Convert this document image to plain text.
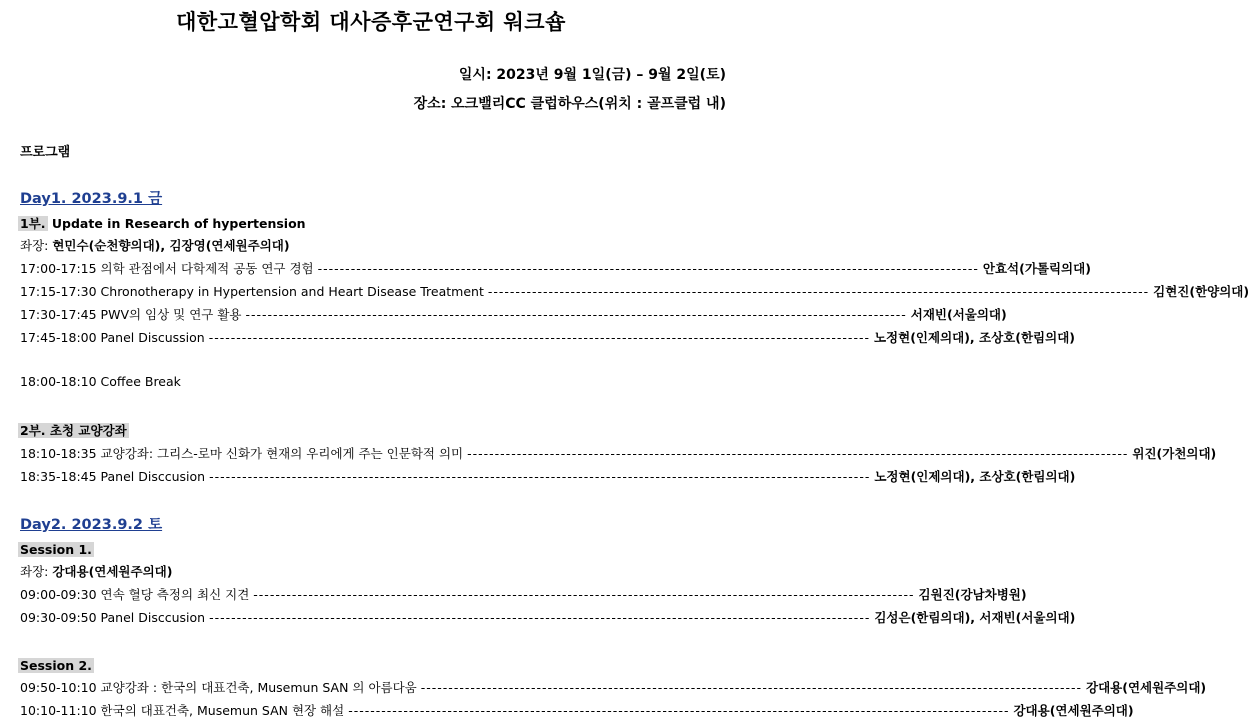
대한고혈압학회 대사증후군연구회 워크숍
일시: 2023년 9월 1일(금) – 9월 2일(토)
장소: 오크밸리CC 클럽하우스(위치 : 골프클럽 내)
프로그램
Day1. 2023.9.1 금
1부. Update in Research of hypertension
좌장: 현민수(순천향의대), 김장영(연세원주의대)
17:00-17:15
의학 관점에서 다학제적 공동 연구 경험 ------------------------------------------------------------------------------------------------------------------------ 안효석(가톨릭의대)
17:15-17:30
Chronotherapy in Hypertension and Heart Disease Treatment ------------------------------------------------------------------------------------------------------------------------ 김현진(한양의대)
17:30-17:45
PWV의 임상 및 연구 활용 ------------------------------------------------------------------------------------------------------------------------ 서재빈(서울의대)
17:45-18:00
Panel Discussion ------------------------------------------------------------------------------------------------------------------------ 노정현(인제의대), 조상호(한림의대)
18:00-18:10 Coffee Break
2부. 초청 교양강좌
18:10-18:35
교양강좌: 그리스-로마 신화가 현재의 우리에게 주는 인문학적 의미 ------------------------------------------------------------------------------------------------------------------------ 위진(가천의대)
18:35-18:45
Panel Disccusion ------------------------------------------------------------------------------------------------------------------------ 노정현(인제의대), 조상호(한림의대)
Day2. 2023.9.2 토
Session 1.
좌장: 강대용(연세원주의대)
09:00-09:30
연속 혈당 측정의 최신 지견 ------------------------------------------------------------------------------------------------------------------------ 김원진(강남차병원)
09:30-09:50
Panel Disccusion ------------------------------------------------------------------------------------------------------------------------ 김성은(한림의대), 서재빈(서울의대)
Session 2.
09:50-10:10
교양강좌 : 한국의 대표건축, Musemun SAN 의 아름다움 ------------------------------------------------------------------------------------------------------------------------ 강대용(연세원주의대)
10:10-11:10
한국의 대표건축, Musemun SAN 현장 해설 ------------------------------------------------------------------------------------------------------------------------ 강대용(연세원주의대)
